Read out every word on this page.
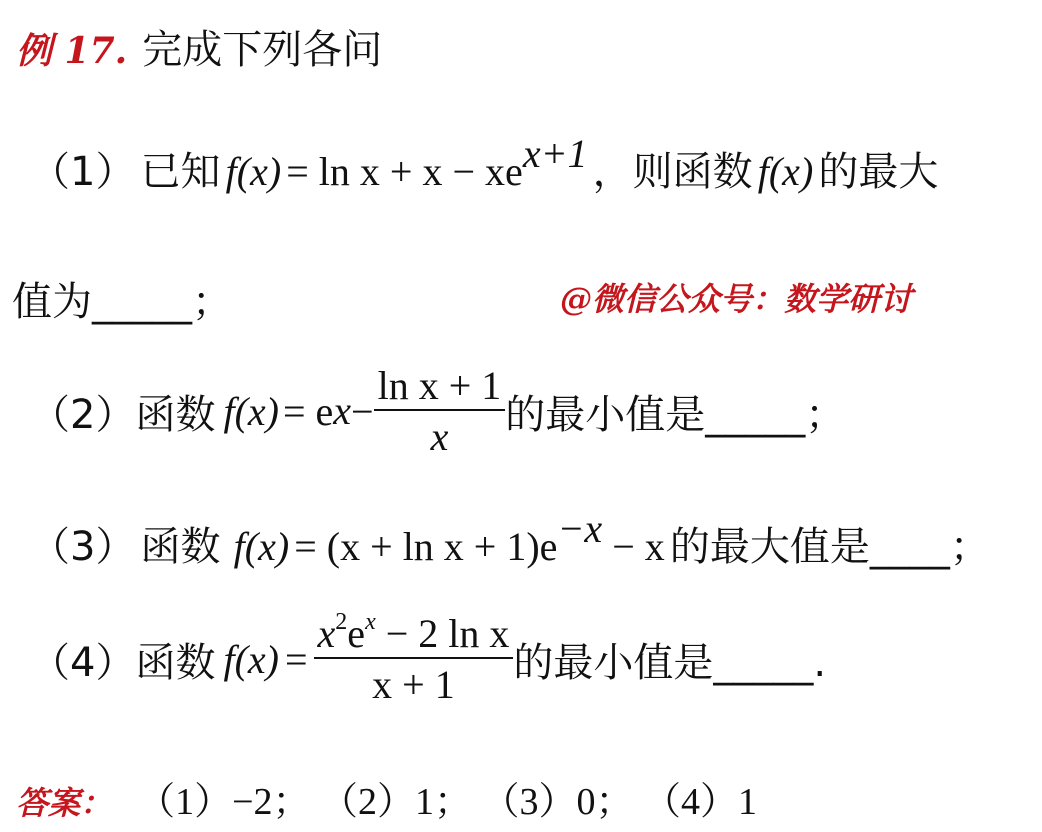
例 17. 完成下列各问
（1） 已知 $f(x) = \ln x + x - xe^{x+1}$ ，则函数 f(x) 的最大
值为_____；	@微信公众号：数学研讨
（2） 函数 f(x) = e $x - \frac{\text{ln x + 1}}{x}$ 的最小值是_____；
（3） 函数 $f(x) = (x + \ln x + 1)e^{-x} - x$ 的最大值是____；
（4） 函数 $f(x) = \frac{x^2e^x - 2 \ln x}{x + 1}$ 的最小值是_____.
答案： （1）−2； （2）1； （3）0； （4）1
